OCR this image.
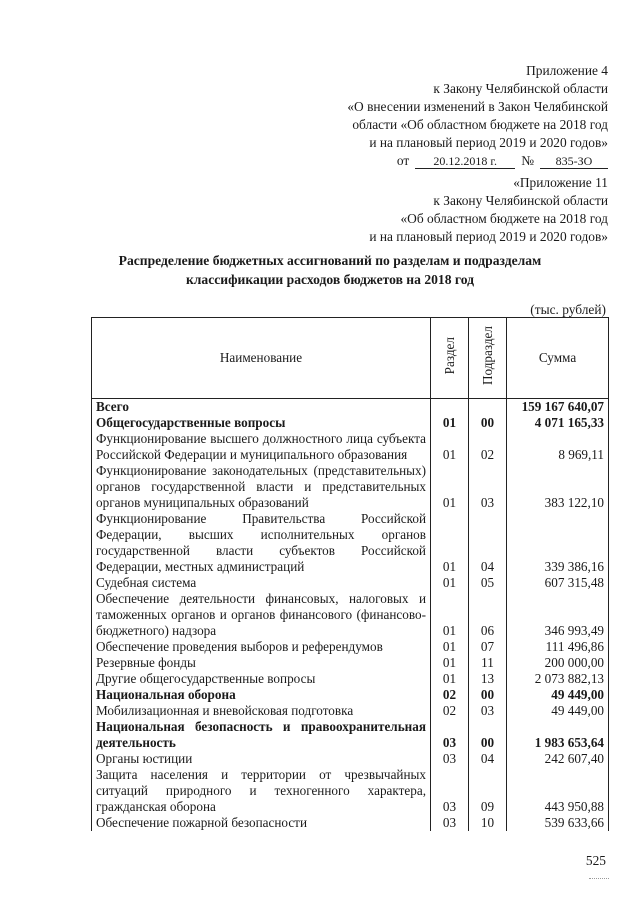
Приложение 4
к Закону Челябинской области
«О внесении изменений в Закон Челябинской
области «Об областном бюджете на 2018 год
и на плановый период 2019 и 2020 годов»
от	20.12.2018 г.	№	835-ЗО
«Приложение 11
к Закону Челябинской области
«Об областном бюджете на 2018 год
и на плановый период 2019 и 2020 годов»
Распределение бюджетных ассигнований по разделам и подразделам
классификации расходов бюджетов на 2018 год
(тыс. рублей)
Наименование	Раздел	Подраздел	Сумма
Всего			159 167 640,07
Общегосударственные вопросы	01	00	4 071 165,33
Функционирование высшего должностного лица субъекта Российской Федерации и муниципального образования	01	02	8 969,11
Функционирование законодательных (представительных) органов государственной власти и представительных органов муниципальных образований	01	03	383 122,10
Функционирование Правительства Российской Федерации, высших исполнительных органов государственной власти субъектов Российской Федерации, местных администраций	01	04	339 386,16
Судебная система	01	05	607 315,48
Обеспечение деятельности финансовых, налоговых и таможенных органов и органов финансового (финансово-бюджетного) надзора	01	06	346 993,49
Обеспечение проведения выборов и референдумов	01	07	111 496,86
Резервные фонды	01	11	200 000,00
Другие общегосударственные вопросы	01	13	2 073 882,13
Национальная оборона	02	00	49 449,00
Мобилизационная и вневойсковая подготовка	02	03	49 449,00
Национальная безопасность и правоохранительная деятельность	03	00	1 983 653,64
Органы юстиции	03	04	242 607,40
Защита населения и территории от чрезвычайных ситуаций природного и техногенного характера, гражданская оборона	03	09	443 950,88
Обеспечение пожарной безопасности	03	10	539 633,66
525
